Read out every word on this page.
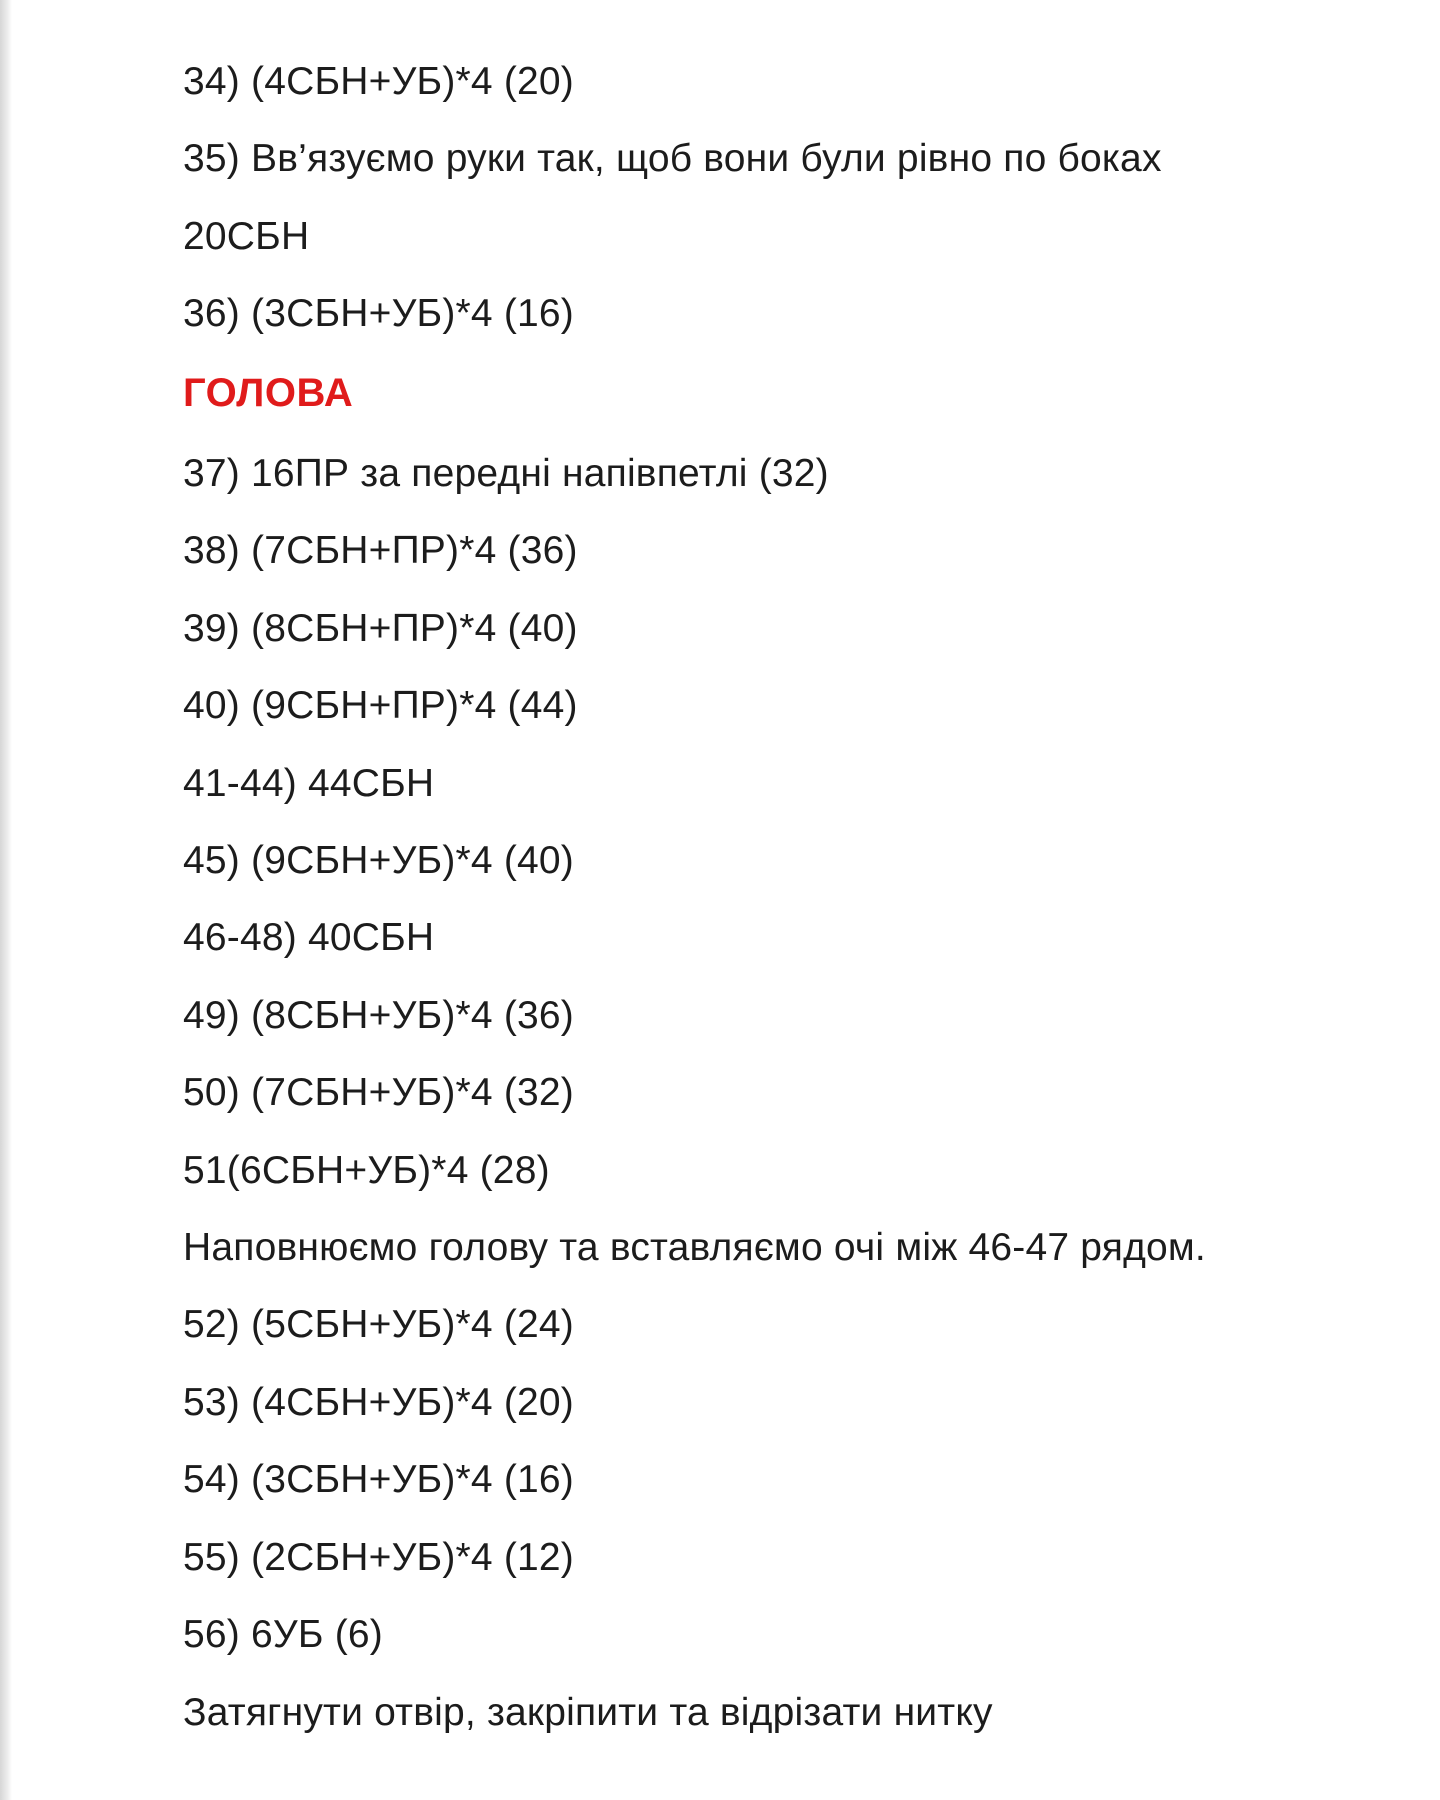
34) (4СБН+УБ)*4 (20)
35) Вв’язуємо руки так, щоб вони були рівно по боках
20СБН
36) (3СБН+УБ)*4 (16)
ГОЛОВА
37) 16ПР за передні напівпетлі (32)
38) (7СБН+ПР)*4 (36)
39) (8СБН+ПР)*4 (40)
40) (9СБН+ПР)*4 (44)
41-44) 44СБН
45) (9СБН+УБ)*4 (40)
46-48) 40СБН
49) (8СБН+УБ)*4 (36)
50) (7СБН+УБ)*4 (32)
51(6СБН+УБ)*4 (28)
Наповнюємо голову та вставляємо очі між 46-47 рядом.
52) (5СБН+УБ)*4 (24)
53) (4СБН+УБ)*4 (20)
54) (3СБН+УБ)*4 (16)
55) (2СБН+УБ)*4 (12)
56) 6УБ (6)
Затягнути отвір, закріпити та відрізати нитку
